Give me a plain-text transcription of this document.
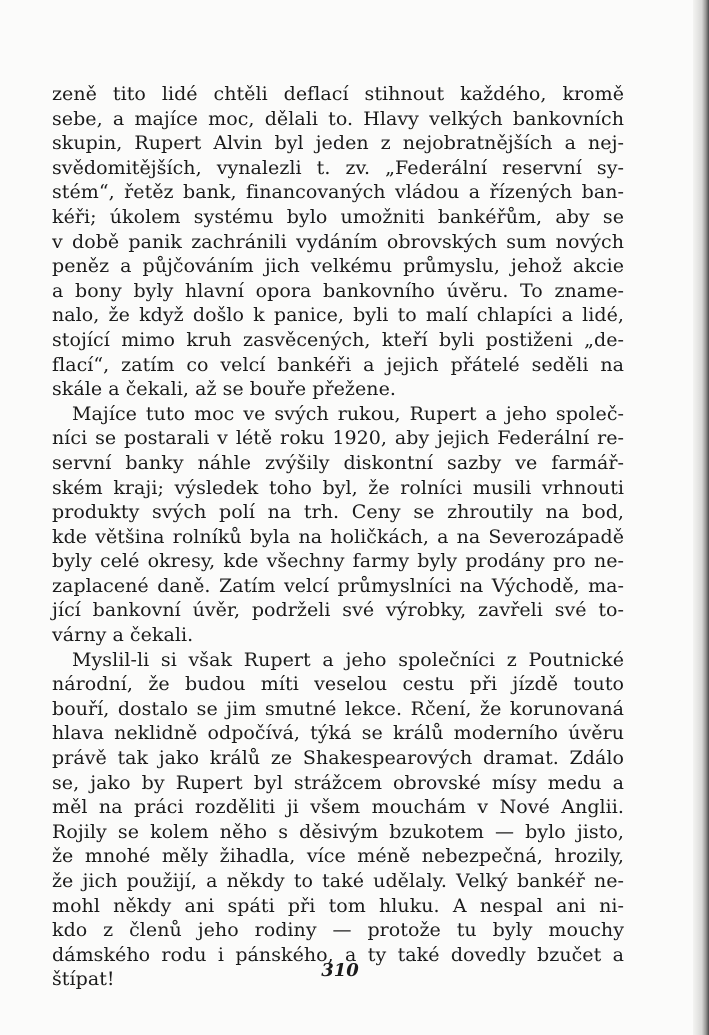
zeně tito lidé chtěli deflací stihnout každého, kromě
sebe, a majíce moc, dělali to. Hlavy velkých bankovních
skupin, Rupert Alvin byl jeden z nejobratnějších a nej-
svědomitějších, vynalezli t. zv. „Federální reservní sy-
stém“, řetěz bank, financovaných vládou a řízených ban-
kéři; úkolem systému bylo umožniti bankéřům, aby se
v době panik zachránili vydáním obrovských sum nových
peněz a půjčováním jich velkému průmyslu, jehož akcie
a bony byly hlavní opora bankovního úvěru. To zname-
nalo, že když došlo k panice, byli to malí chlapíci a lidé,
stojící mimo kruh zasvěcených, kteří byli postiženi „de-
flací“, zatím co velcí bankéři a jejich přátelé seděli na
skále a čekali, až se bouře přežene.
Majíce tuto moc ve svých rukou, Rupert a jeho společ-
níci se postarali v létě roku 1920, aby jejich Federální re-
servní banky náhle zvýšily diskontní sazby ve farmář-
ském kraji; výsledek toho byl, že rolníci musili vrhnouti
produkty svých polí na trh. Ceny se zhroutily na bod,
kde většina rolníků byla na holičkách, a na Severozápadě
byly celé okresy, kde všechny farmy byly prodány pro ne-
zaplacené daně. Zatím velcí průmyslníci na Východě, ma-
jící bankovní úvěr, podrželi své výrobky, zavřeli své to-
várny a čekali.
Myslil-li si však Rupert a jeho společníci z Poutnické
národní, že budou míti veselou cestu při jízdě touto
bouří, dostalo se jim smutné lekce. Rčení, že korunovaná
hlava neklidně odpočívá, týká se králů moderního úvěru
právě tak jako králů ze Shakespearových dramat. Zdálo
se, jako by Rupert byl strážcem obrovské mísy medu a
měl na práci rozděliti ji všem mouchám v Nové Anglii.
Rojily se kolem něho s děsivým bzukotem — bylo jisto,
že mnohé měly žihadla, více méně nebezpečná, hrozily,
že jich použijí, a někdy to také udělaly. Velký bankéř ne-
mohl někdy ani spáti při tom hluku. A nespal ani ni-
kdo z členů jeho rodiny — protože tu byly mouchy
dámského rodu i pánského, a ty také dovedly bzučet a
štípat!	310
